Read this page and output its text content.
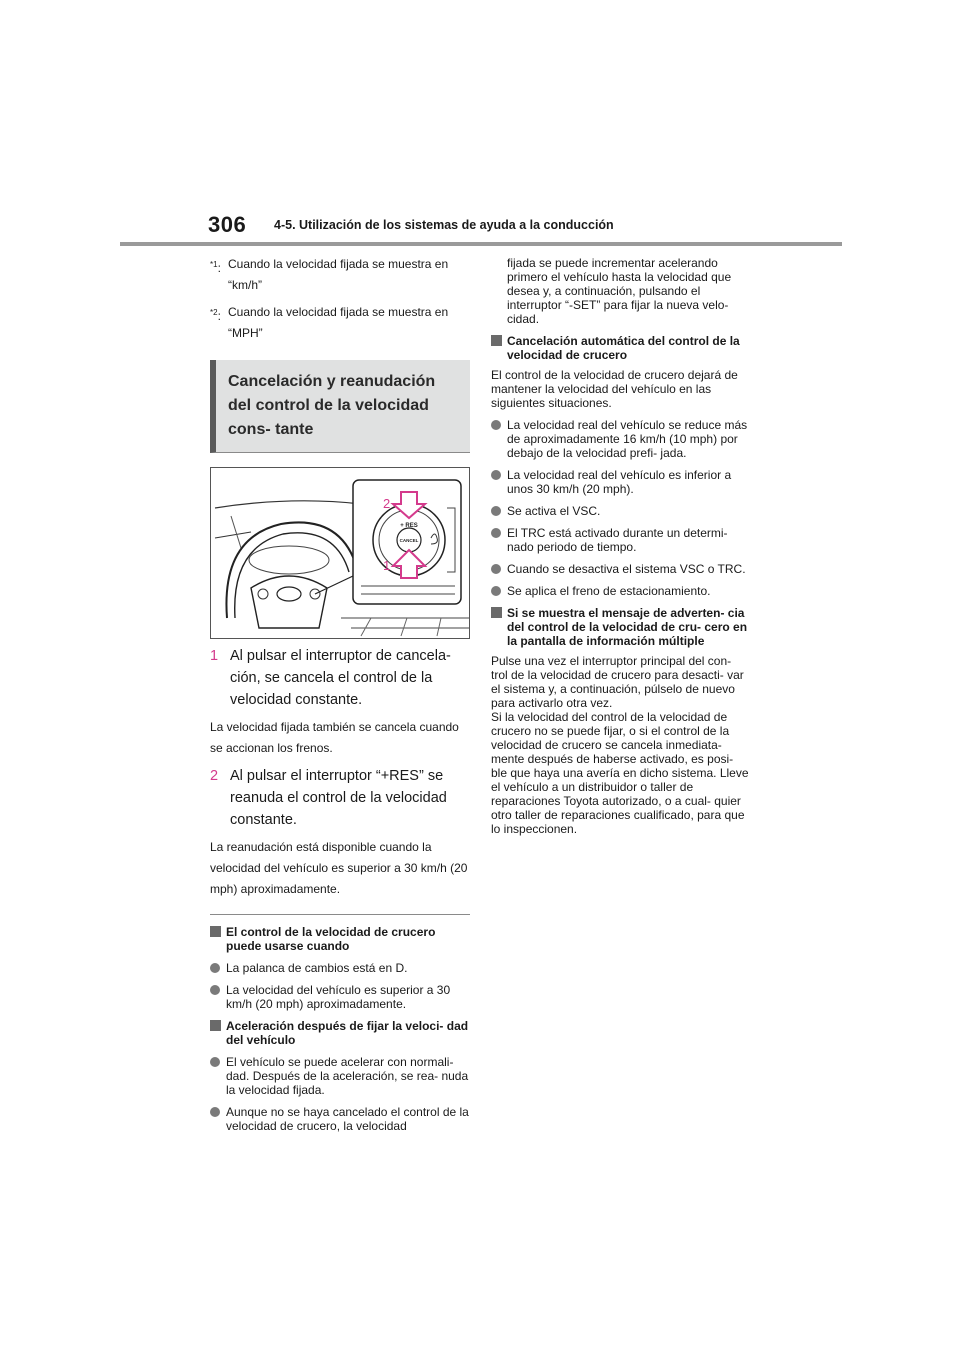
306 4-5. Utilización de los sistemas de ayuda a la conducción
$^{*1}$: Cuando la velocidad fijada se muestra en “km/h”
$^{*2}$: Cuando la velocidad fijada se muestra en “MPH”
Cancelación y reanudación del control de la velocidad cons- tante
+ RES
CANCEL
2
1
1 Al pulsar el interruptor de cancela- ción, se cancela el control de la velocidad constante.
La velocidad fijada también se cancela cuando se accionan los frenos.
2 Al pulsar el interruptor “+RES” se reanuda el control de la velocidad constante.
La reanudación está disponible cuando la velocidad del vehículo es superior a 30 km/h (20 mph) aproximadamente.
El control de la velocidad de crucero puede usarse cuando
La palanca de cambios está en D.
La velocidad del vehículo es superior a 30 km/h (20 mph) aproximadamente.
Aceleración después de fijar la veloci- dad del vehículo
El vehículo se puede acelerar con normali- dad. Después de la aceleración, se rea- nuda la velocidad fijada.
Aunque no se haya cancelado el control de la velocidad de crucero, la velocidad
fijada se puede incrementar acelerando primero el vehículo hasta la velocidad que desea y, a continuación, pulsando el interruptor “-SET” para fijar la nueva velo- cidad.
Cancelación automática del control de la velocidad de crucero
El control de la velocidad de crucero dejará de mantener la velocidad del vehículo en las siguientes situaciones.
La velocidad real del vehículo se reduce más de aproximadamente 16 km/h (10 mph) por debajo de la velocidad prefi- jada.
La velocidad real del vehículo es inferior a unos 30 km/h (20 mph).
Se activa el VSC.
El TRC está activado durante un determi- nado periodo de tiempo.
Cuando se desactiva el sistema VSC o TRC.
Se aplica el freno de estacionamiento.
Si se muestra el mensaje de adverten- cia del control de la velocidad de cru- cero en la pantalla de información múltiple
Pulse una vez el interruptor principal del con- trol de la velocidad de crucero para desacti- var el sistema y, a continuación, púlselo de nuevo para activarlo otra vez.
Si la velocidad del control de la velocidad de crucero no se puede fijar, o si el control de la velocidad de crucero se cancela inmediata- mente después de haberse activado, es posi- ble que haya una avería en dicho sistema. Lleve el vehículo a un distribuidor o taller de reparaciones Toyota autorizado, o a cual- quier otro taller de reparaciones cualificado, para que lo inspeccionen.
